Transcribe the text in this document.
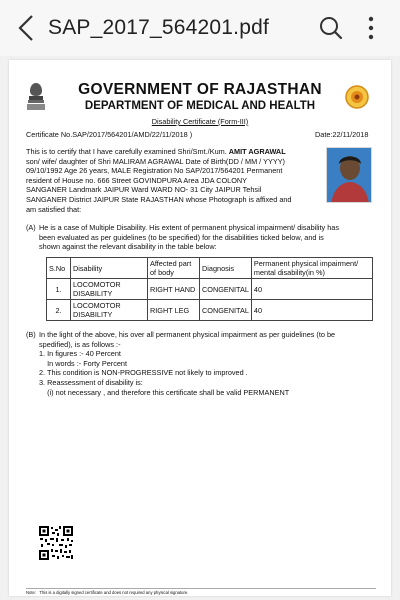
SAP_2017_564201.pdf
GOVERNMENT OF RAJASTHAN
DEPARTMENT OF MEDICAL AND HEALTH
Disability Certificate (Form-III)
Certificate No.SAP/2017/564201/AMD/22/11/2018 )	Date:22/11/2018
This is to certify that I have carefully examined Shri/Smt./Kum. AMIT AGRAWAL
son/ wife/ daughter of Shri MALIRAM AGRAWAL Date of Birth(DD / MM / YYYY)
09/10/1992 Age 26 years, MALE Registration No SAP/2017/564201 Permanent
resident of House no. 666 Street GOVINDPURA Area JDA COLONY
SANGANER Landmark JAIPUR Ward WARD NO- 31 City JAIPUR Tehsil
SANGANER District JAIPUR State RAJASTHAN whose Photograph is affixed and
am satisfied that:
(A) He is a case of Multiple Disability. His extent of permanent physical impairment/ disability has
been evaluated as per guidelines (to be specified) for the disabilities ticked below, and is
shown against the relevant disability in the table below:
S.No	Disability	Affected part of body	Diagnosis	Permanent physical impairment/ mental disability(in %)
1.	LOCOMOTOR DISABILITY	RIGHT HAND	CONGENITAL	40
2.	LOCOMOTOR DISABILITY	RIGHT LEG	CONGENITAL	40
(B) In the light of the above, his over all permanent physical impairment as per guidelines (to be
spedified), is as follows :-
1. In figures :- 40 Percent
In words :- Forty Percent
2. This condition is NON-PROGRESSIVE not likely to improved .
3. Reassessment of disability is:
(i) not necessary , and therefore this certificate shall be valid PERMANENT
Note:   This is a digitally signed certificate and does not required any physical signature.
